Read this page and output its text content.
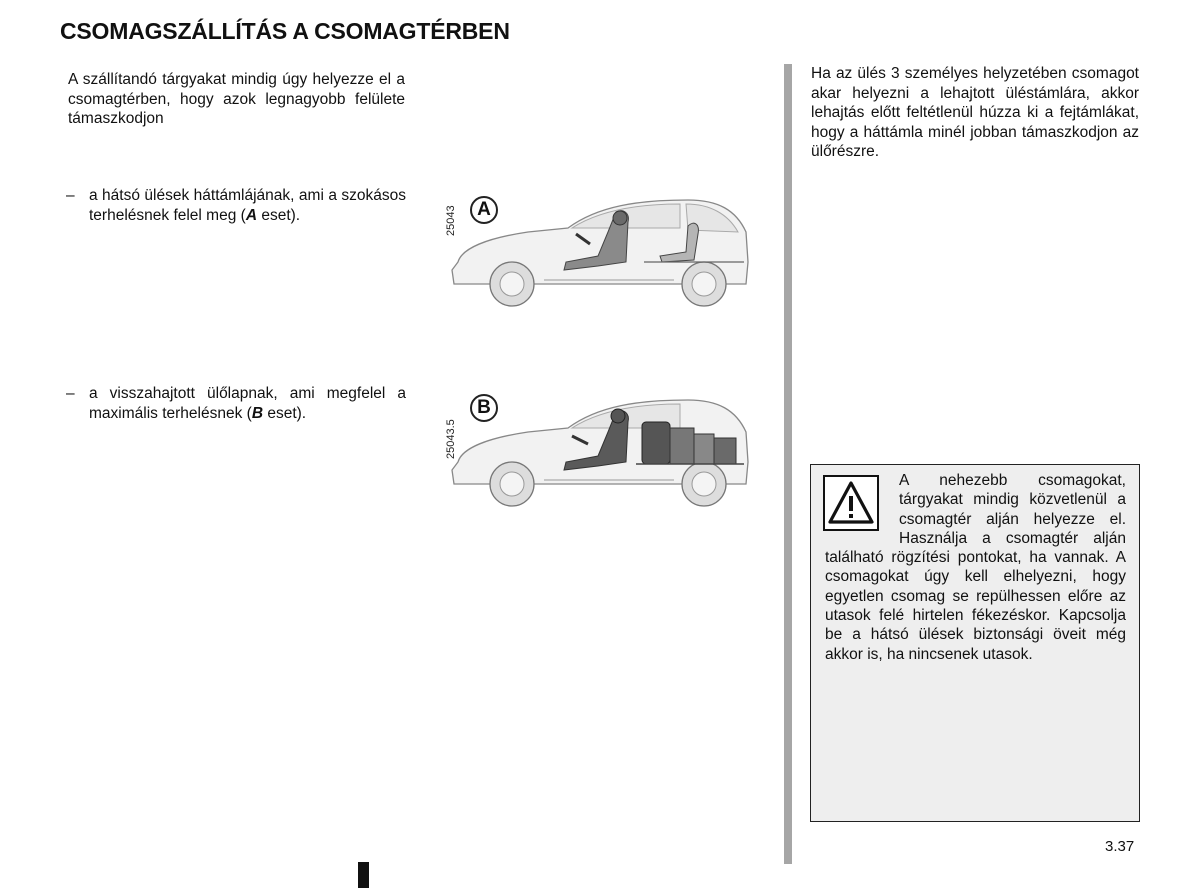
CSOMAGSZÁLLÍTÁS A CSOMAGTÉRBEN

A szállítandó tárgyakat mindig úgy helyezze el a csomagtérben, hogy azok legnagyobb felülete támaszkodjon

– a hátsó ülések háttámlájának, ami a szokásos terhelésnek felel meg (A eset).
– a visszahajtott ülőlapnak, ami megfelel a maximális terhelésnek (B eset).
25043	A
25043.5
B

Ha az ülés 3 személyes helyzetében csomagot akar helyezni a lehajtott üléstámlára, akkor lehajtás előtt feltétlenül húzza ki a fejtámlákat, hogy a háttámla minél jobban támaszkodjon az ülőrészre.

A nehezebb csomagokat, tárgyakat mindig közvetlenül a csomagtér alján helyezze el. Használja a csomagtér alján található rögzítési pontokat, ha vannak. A csomagokat úgy kell elhelyezni, hogy egyetlen csomag se repülhessen előre az utasok felé hirtelen fékezéskor. Kapcsolja be a hátsó ülések biztonsági öveit még akkor is, ha nincsenek utasok.

3.37
